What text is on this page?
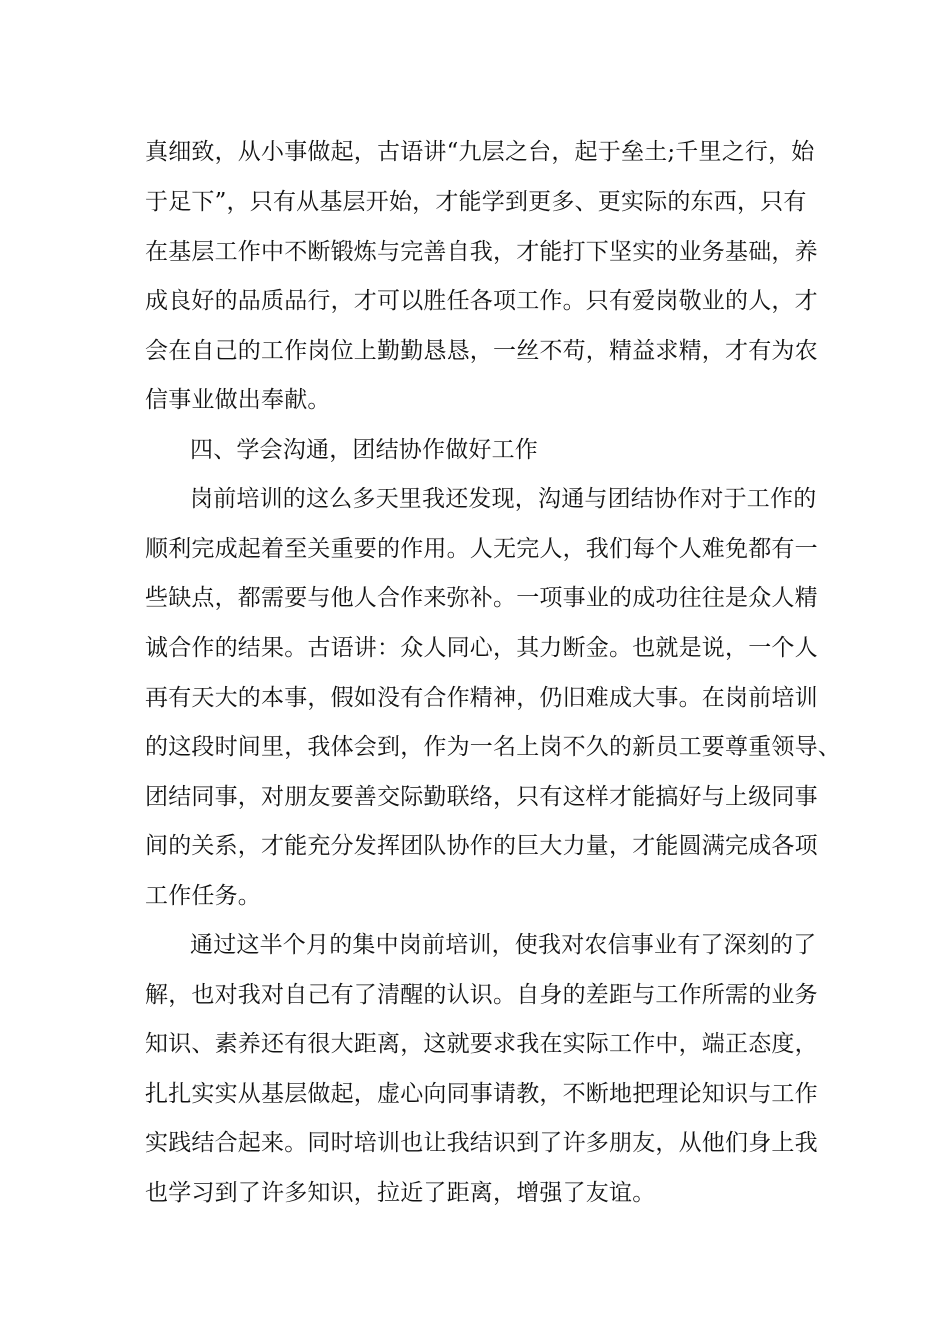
真细致，从小事做起，古语讲“九层之台，起于垒土;千里之行，始
于足下”，只有从基层开始，才能学到更多、更实际的东西，只有
在基层工作中不断锻炼与完善自我，才能打下坚实的业务基础，养
成良好的品质品行，才可以胜任各项工作。只有爱岗敬业的人，才
会在自己的工作岗位上勤勤恳恳，一丝不苟，精益求精，才有为农
信事业做出奉献。
四、学会沟通，团结协作做好工作
岗前培训的这么多天里我还发现，沟通与团结协作对于工作的
顺利完成起着至关重要的作用。人无完人，我们每个人难免都有一
些缺点，都需要与他人合作来弥补。一项事业的成功往往是众人精
诚合作的结果。古语讲：众人同心，其力断金。也就是说，一个人
再有天大的本事，假如没有合作精神，仍旧难成大事。在岗前培训
的这段时间里，我体会到，作为一名上岗不久的新员工要尊重领导、
团结同事，对朋友要善交际勤联络，只有这样才能搞好与上级同事
间的关系，才能充分发挥团队协作的巨大力量，才能圆满完成各项
工作任务。
通过这半个月的集中岗前培训，使我对农信事业有了深刻的了
解，也对我对自己有了清醒的认识。自身的差距与工作所需的业务
知识、素养还有很大距离，这就要求我在实际工作中，端正态度，
扎扎实实从基层做起，虚心向同事请教，不断地把理论知识与工作
实践结合起来。同时培训也让我结识到了许多朋友，从他们身上我
也学习到了许多知识，拉近了距离，增强了友谊。
